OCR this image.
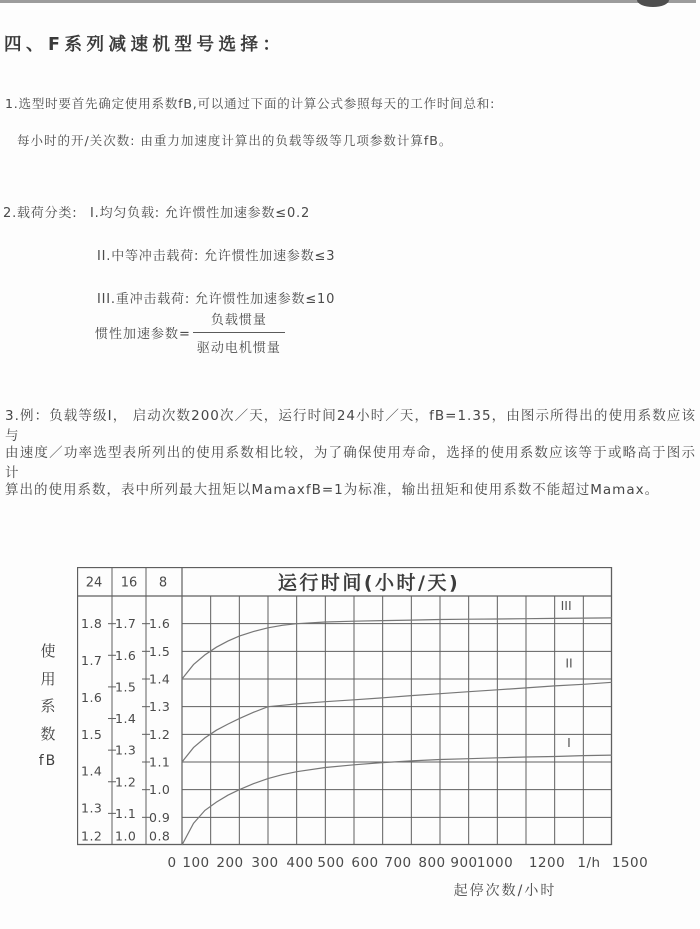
四、F系列减速机型号选择：
1.选型时要首先确定使用系数fB,可以通过下面的计算公式参照每天的工作时间总和:
每小时的开/关次数: 由重力加速度计算出的负载等级等几项参数计算fB。
2.载荷分类: I.均匀负载: 允许惯性加速参数≤0.2
II.中等冲击载荷: 允许惯性加速参数≤3
III.重冲击载荷: 允许惯性加速参数≤10
惯性加速参数= $\frac{\text{负载惯量}}{\text{驱动电机惯量}}$
3.例：负载等级I， 启动次数200次／天，运行时间24小时／天，fB=1.35，由图示所得出的使用系数应该与
由速度／功率选型表所列出的使用系数相比较，为了确保使用寿命，选择的使用系数应该等于或略高于图示计
算出的使用系数，表中所列最大扭矩以MamaxfB=1为标准，输出扭矩和使用系数不能超过Mamax。
使
用
系
数
fB
24 16 8	运行时间(小时/天)
1.8
1.7
1.6
1.5
1.4
1.3
1.2
1.7
1.6
1.5
1.4
1.3
1.2
1.1
1.0
1.6
1.5
1.4
1.3
1.2
1.1
1.0
0.9
0.8
III
II
I
0 100 200 300 400 500 600 700 800 900 1000 1200 1/h 1500
起停次数/小时
